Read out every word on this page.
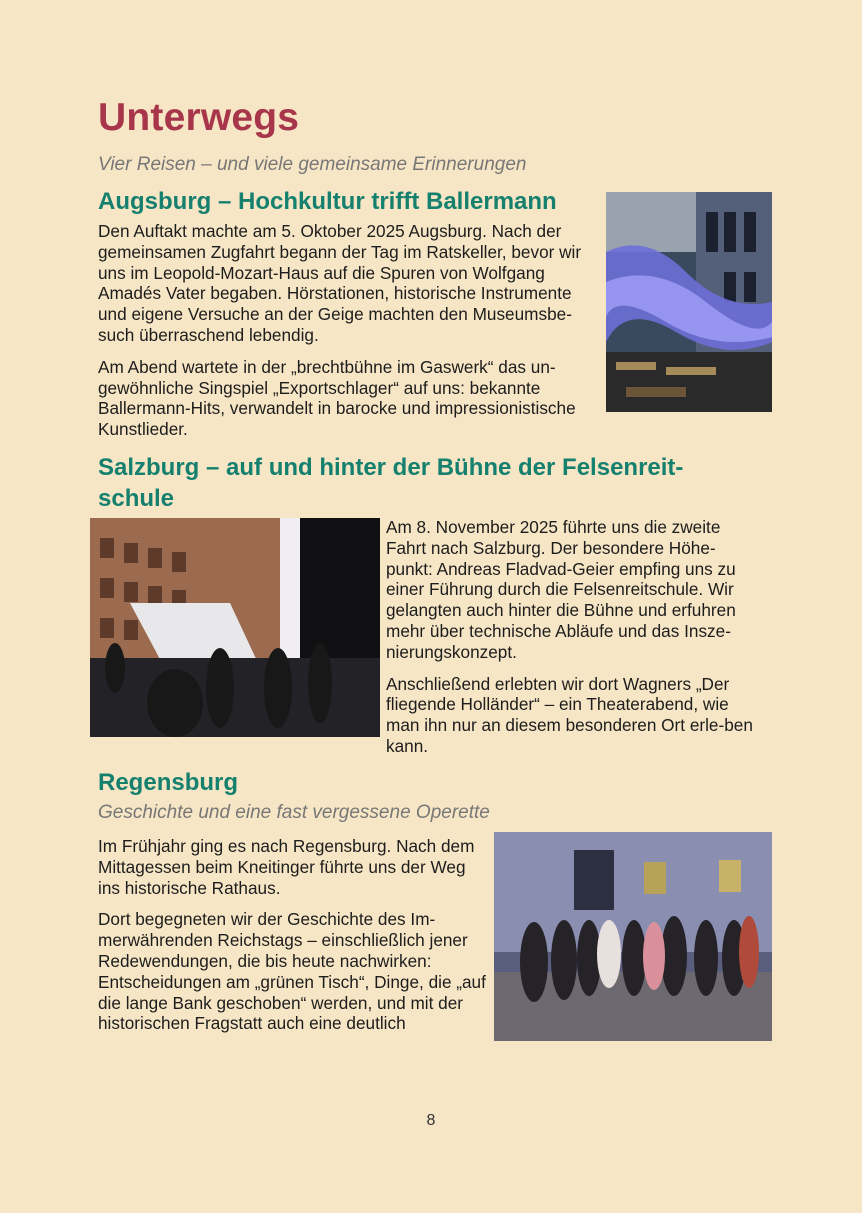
Unterwegs
Vier Reisen – und viele gemeinsame Erinnerungen
Augsburg – Hochkultur trifft Ballermann

Den Auftakt machte am 5. Oktober 2025 Augsburg. Nach der gemeinsamen Zugfahrt begann der Tag im Ratskeller, bevor wir uns im Leopold-Mozart-Haus auf die Spuren von Wolfgang Amadés Vater begaben. Hörstationen, historische Instrumente und eigene Versuche an der Geige machten den Museumsbe-such überraschend lebendig.

Am Abend wartete in der „brechtbühne im Gaswerk“ das un-gewöhnliche Singspiel „Exportschlager“ auf uns: bekannte Ballermann-Hits, verwandelt in barocke und impressionistische Kunstlieder.

Salzburg – auf und hinter der Bühne der Felsenreit-schule

Am 8. November 2025 führte uns die zweite Fahrt nach Salzburg. Der besondere Höhe-punkt: Andreas Fladvad-Geier empfing uns zu einer Führung durch die Felsenreitschule. Wir gelangten auch hinter die Bühne und erfuhren mehr über technische Abläufe und das Insze-nierungskonzept.

Anschließend erlebten wir dort Wagners „Der fliegende Holländer“ – ein Theaterabend, wie man ihn nur an diesem besonderen Ort erle-ben kann.

Regensburg
Geschichte und eine fast vergessene Operette

Im Frühjahr ging es nach Regensburg. Nach dem Mittagessen beim Kneitinger führte uns der Weg ins historische Rathaus.

Dort begegneten wir der Geschichte des Im-merwährenden Reichstags – einschließlich jener Redewendungen, die bis heute nachwirken: Entscheidungen am „grünen Tisch“, Dinge, die „auf die lange Bank geschoben“ werden, und mit der historischen Fragstatt auch eine deutlich

8
